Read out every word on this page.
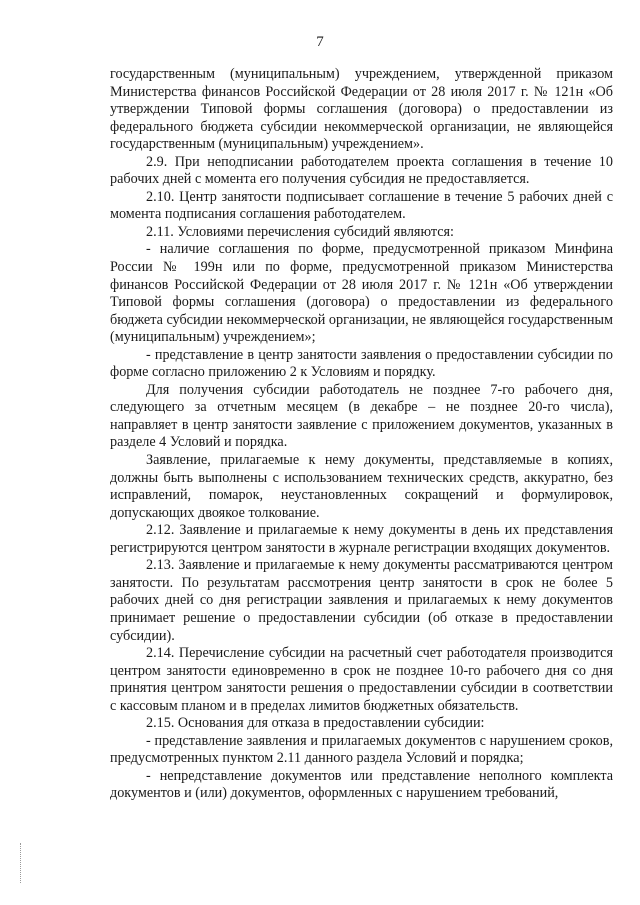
7

государственным (муниципальным) учреждением, утвержденной приказом Министерства финансов Российской Федерации от 28 июля 2017 г. № 121н «Об утверждении Типовой формы соглашения (договора) о предоставлении из федерального бюджета субсидии некоммерческой организации, не являющейся государственным (муниципальным) учреждением».

2.9. При неподписании работодателем проекта соглашения в течение 10 рабочих дней с момента его получения субсидия не предоставляется.

2.10. Центр занятости подписывает соглашение в течение 5 рабочих дней с момента подписания соглашения работодателем.

2.11. Условиями перечисления субсидий являются:

- наличие соглашения по форме, предусмотренной приказом Минфина России № 199н или по форме, предусмотренной приказом Министерства финансов Российской Федерации от 28 июля 2017 г. № 121н «Об утверждении Типовой формы соглашения (договора) о предоставлении из федерального бюджета субсидии некоммерческой организации, не являющейся государственным (муниципальным) учреждением»;

- представление в центр занятости заявления о предоставлении субсидии по форме согласно приложению 2 к Условиям и порядку.

Для получения субсидии работодатель не позднее 7-го рабочего дня, следующего за отчетным месяцем (в декабре – не позднее 20-го числа), направляет в центр занятости заявление с приложением документов, указанных в разделе 4 Условий и порядка.

Заявление, прилагаемые к нему документы, представляемые в копиях, должны быть выполнены с использованием технических средств, аккуратно, без исправлений, помарок, неустановленных сокращений и формулировок, допускающих двоякое толкование.

2.12. Заявление и прилагаемые к нему документы в день их представления регистрируются центром занятости в журнале регистрации входящих документов.

2.13. Заявление и прилагаемые к нему документы рассматриваются центром занятости. По результатам рассмотрения центр занятости в срок не более 5 рабочих дней со дня регистрации заявления и прилагаемых к нему документов принимает решение о предоставлении субсидии (об отказе в предоставлении субсидии).

2.14. Перечисление субсидии на расчетный счет работодателя производится центром занятости единовременно в срок не позднее 10-го рабочего дня со дня принятия центром занятости решения о предоставлении субсидии в соответствии с кассовым планом и в пределах лимитов бюджетных обязательств.

2.15. Основания для отказа в предоставлении субсидии:

- представление заявления и прилагаемых документов с нарушением сроков, предусмотренных пунктом 2.11 данного раздела Условий и порядка;

- непредставление документов или представление неполного комплекта документов и (или) документов, оформленных с нарушением требований,
